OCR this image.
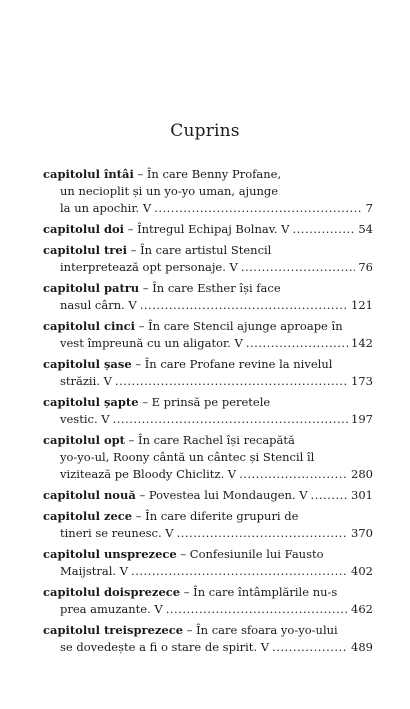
Cuprins
capitolul întâi
– În care Benny Profane,
un necioplit și un yo-yo uman, ajunge
la un apochir. V .....	7
capitolul doi
– Întregul Echipaj Bolnav. V .....	54
capitolul trei
– În care artistul Stencil
interpretează opt personaje. V .....	76
capitolul patru
– În care Esther își face
nasul cârn. V .....	121
capitolul cinci
– În care Stencil ajunge aproape în
vest împreună cu un aligator. V .....	142
capitolul șase
– În care Profane revine la nivelul
străzii. V .....	173
capitolul șapte
– E prinsă pe peretele
vestic. V .....	197
capitolul opt
– În care Rachel își recapătă
yo-yo-ul, Roony cântă un cântec și Stencil îl
vizitează pe Bloody Chiclitz. V .....	280
capitolul nouă
– Povestea lui Mondaugen. V .....	301
capitolul zece
– În care diferite grupuri de
tineri se reunesc. V .....	370
capitolul unsprezece
– Confesiunile lui Fausto
Maijstral. V .....	402
capitolul doisprezece
– În care întâmplările nu-s
prea amuzante. V .....	462
capitolul treisprezece
– În care sfoara yo-yo-ului
se dovedește a fi o stare de spirit. V .....	489
